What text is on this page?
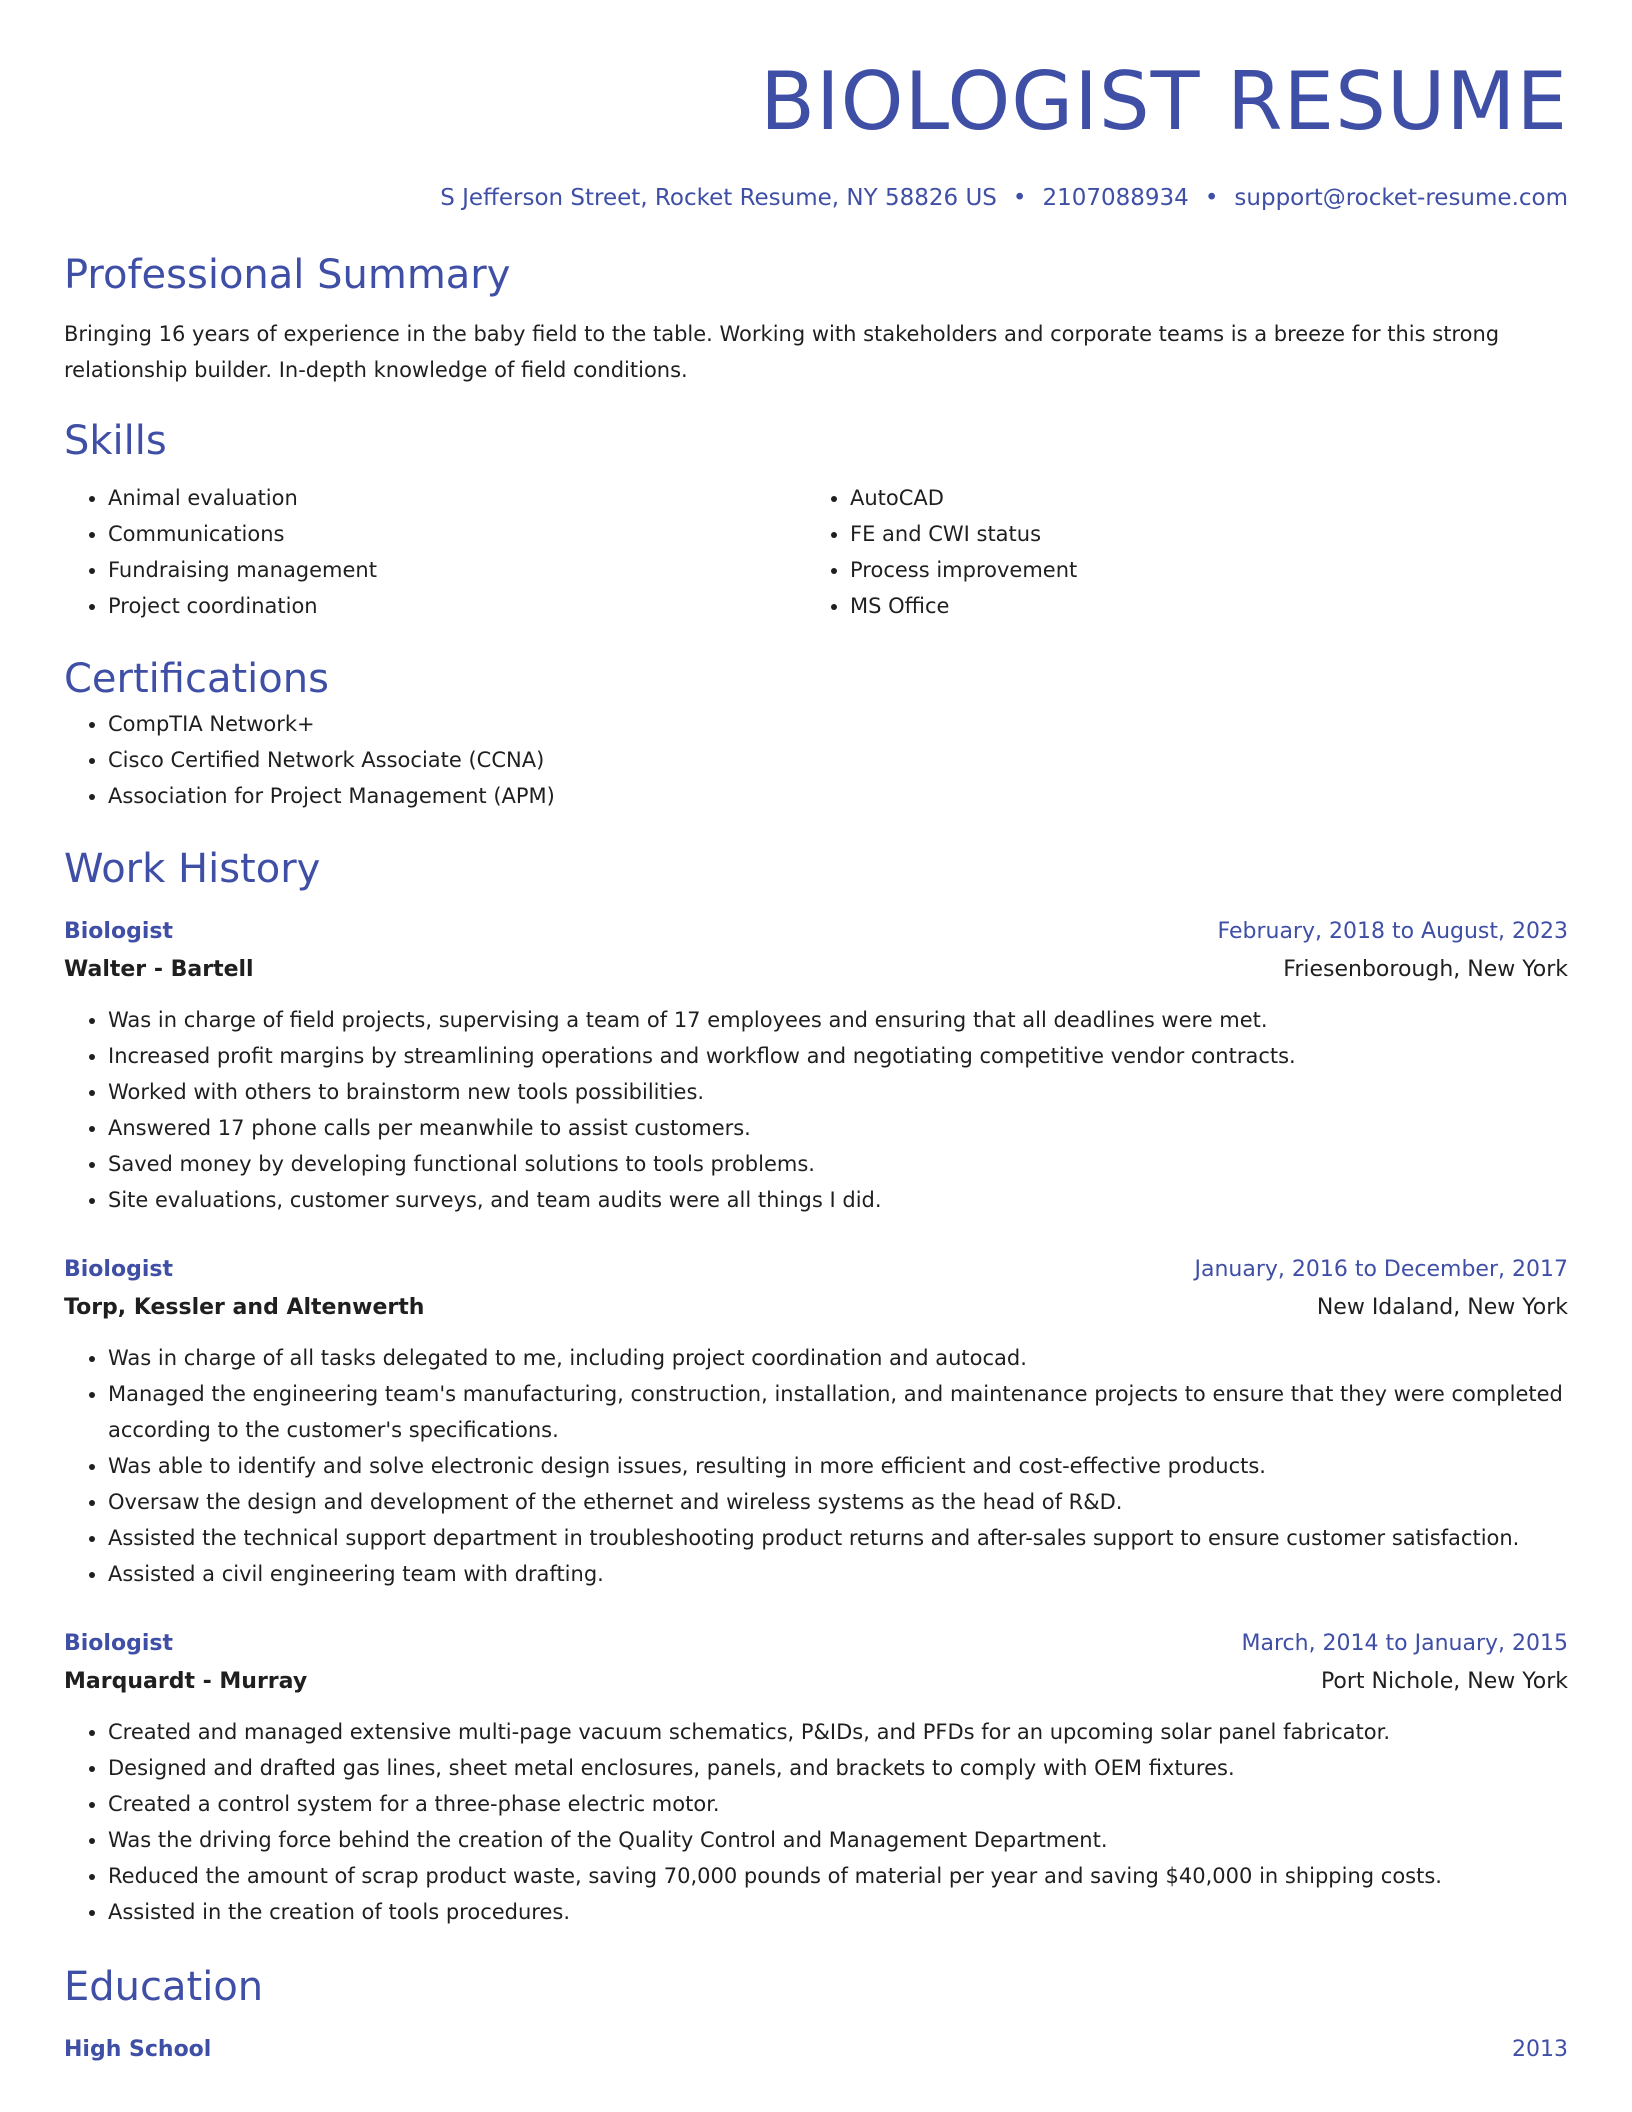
BIOLOGIST RESUME
S Jefferson Street, Rocket Resume, NY 58826 US • 2107088934 • support@rocket-resume.com
Professional Summary

Bringing 16 years of experience in the baby field to the table. Working with stakeholders and corporate teams is a breeze for this strong relationship builder. In-depth knowledge of field conditions.

Skills
• Animal evaluation
• Communications
• Fundraising management
• Project coordination
• AutoCAD
• FE and CWI status
• Process improvement
• MS Office
Certifications
• CompTIA Network+
• Cisco Certified Network Associate (CCNA)
• Association for Project Management (APM)
Work History
Biologist	February, 2018 to August, 2023
Walter - Bartell	Friesenborough, New York
• Was in charge of field projects, supervising a team of 17 employees and ensuring that all deadlines were met.
• Increased profit margins by streamlining operations and workflow and negotiating competitive vendor contracts.
• Worked with others to brainstorm new tools possibilities.
• Answered 17 phone calls per meanwhile to assist customers.
• Saved money by developing functional solutions to tools problems.
• Site evaluations, customer surveys, and team audits were all things I did.
Biologist	January, 2016 to December, 2017
Torp, Kessler and Altenwerth	New Idaland, New York
• Was in charge of all tasks delegated to me, including project coordination and autocad.
• Managed the engineering team's manufacturing, construction, installation, and maintenance projects to ensure that they were completed according to the customer's specifications.
• Was able to identify and solve electronic design issues, resulting in more efficient and cost-effective products.
• Oversaw the design and development of the ethernet and wireless systems as the head of R&D.
• Assisted the technical support department in troubleshooting product returns and after-sales support to ensure customer satisfaction.
• Assisted a civil engineering team with drafting.
Biologist	March, 2014 to January, 2015
Marquardt - Murray	Port Nichole, New York
• Created and managed extensive multi-page vacuum schematics, P&IDs, and PFDs for an upcoming solar panel fabricator.
• Designed and drafted gas lines, sheet metal enclosures, panels, and brackets to comply with OEM fixtures.
• Created a control system for a three-phase electric motor.
• Was the driving force behind the creation of the Quality Control and Management Department.
• Reduced the amount of scrap product waste, saving 70,000 pounds of material per year and saving $40,000 in shipping costs.
• Assisted in the creation of tools procedures.
Education
High School	2013
